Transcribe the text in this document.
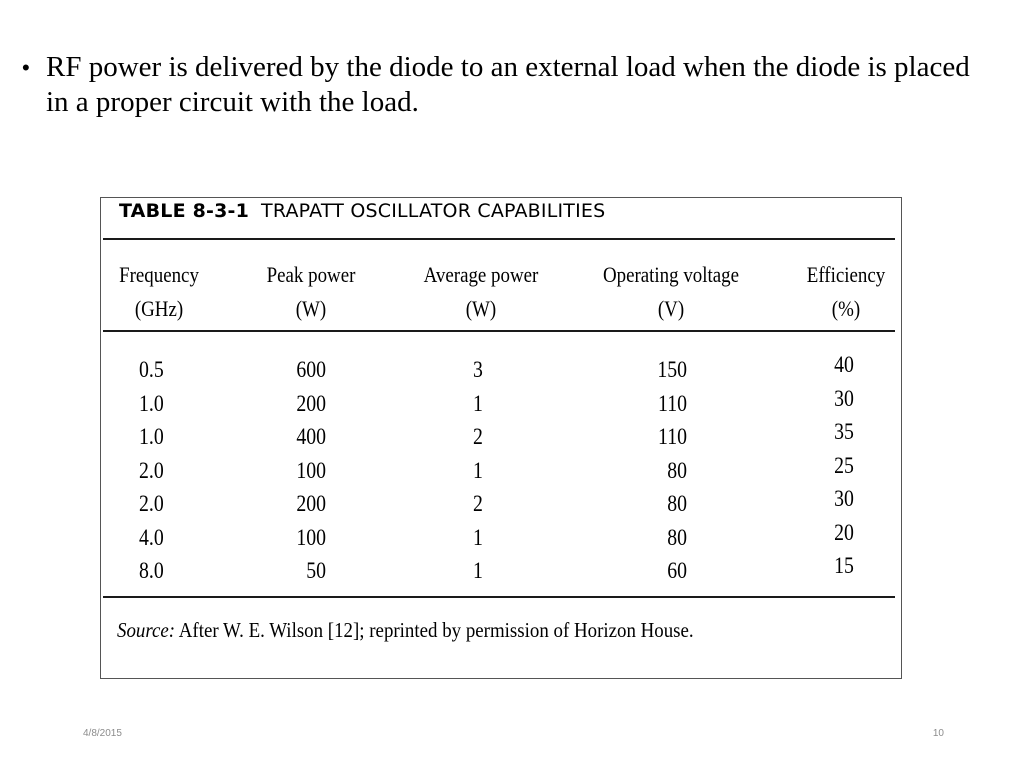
• RF power is delivered by the diode to an external load when the diode is placed in a proper circuit with the load.
TABLE 8-3-1 TRAPATT OSCILLATOR CAPABILITIES
Frequency
(GHz)
Peak power
(W)
Average power
(W)
Operating voltage
(V)
Efficiency
(%)
0.5
1.0
1.0
2.0
2.0
4.0
8.0
600
200
400
100
200
100
50
3
1
2
1
2
1
1
150
110
110
80
80
80
60
40
30
35
25
30
20
15
Source: After W. E. Wilson [12]; reprinted by permission of Horizon House.
4/8/2015	10
